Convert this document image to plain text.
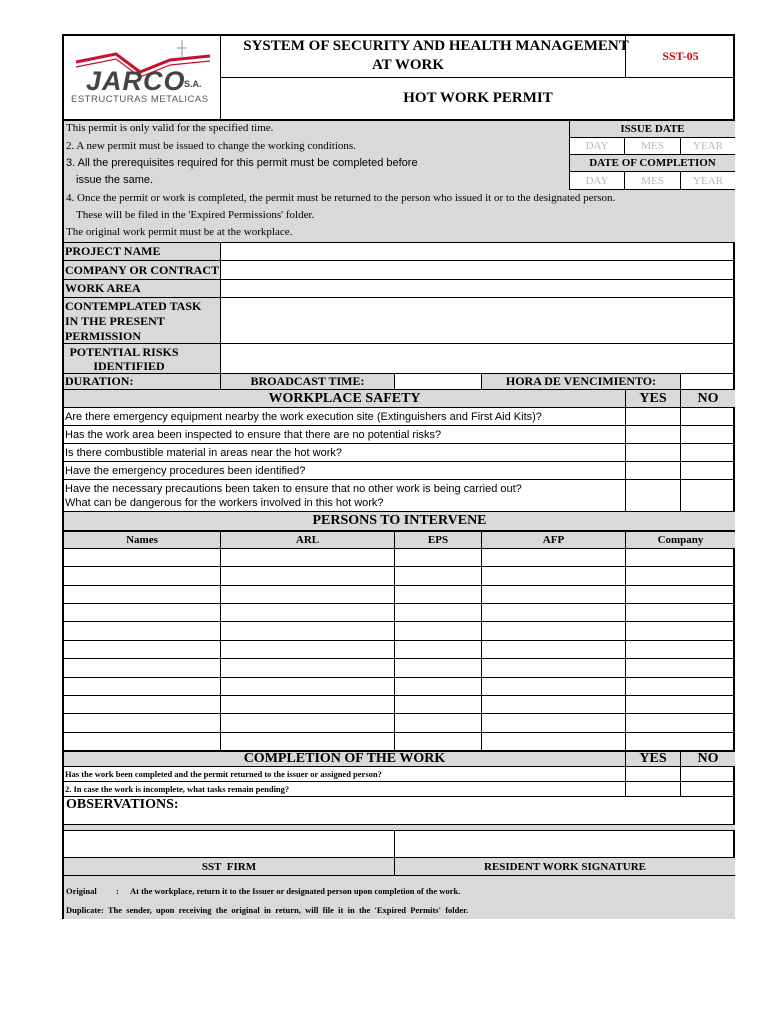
JARCO
S.A.
ESTRUCTURAS METALICAS
SYSTEM OF SECURITY AND HEALTH MANAGEMENT
AT WORK
SST-05
HOT WORK PERMIT
This permit is only valid for the specified time.
2. A new permit must be issued to change the working conditions.
3. All the prerequisites required for this permit must be completed before
issue the same.
4. Once the permit or work is completed, the permit must be returned to the person who issued it or to the designated person.
These will be filed in the 'Expired Permissions' folder.
The original work permit must be at the workplace.
ISSUE DATE
DAY	MES	YEAR
DATE OF COMPLETION
DAY	MES	YEAR
PROJECT NAME
COMPANY OR CONTRACT
WORK AREA
CONTEMPLATED TASK
IN THE PRESENT
PERMISSION
POTENTIAL RISKS
IDENTIFIED
DURATION:	BROADCAST TIME:	HORA DE VENCIMIENTO:
WORKPLACE SAFETY	YES NO
Are there emergency equipment nearby the work execution site (Extinguishers and First Aid Kits)?
Has the work area been inspected to ensure that there are no potential risks?
Is there combustible material in areas near the hot work?
Have the emergency procedures been identified?
Have the necessary precautions been taken to ensure that no other work is being carried out?
What can be dangerous for the workers involved in this hot work?
PERSONS TO INTERVENE
Names	ARL	EPS	AFP	Company
COMPLETION OF THE WORK	YES NO
Has the work been completed and the permit returned to the issuer or assigned person?
2. In case the work is incomplete, what tasks remain pending?
OBSERVATIONS:
SST  FIRM	RESIDENT WORK SIGNATURE
Original : At the workplace, return it to the Issuer or designated person upon completion of the work.
Duplicate:  The  sender,  upon  receiving  the  original  in  return,  will  file  it  in  the  'Expired  Permits'  folder.
